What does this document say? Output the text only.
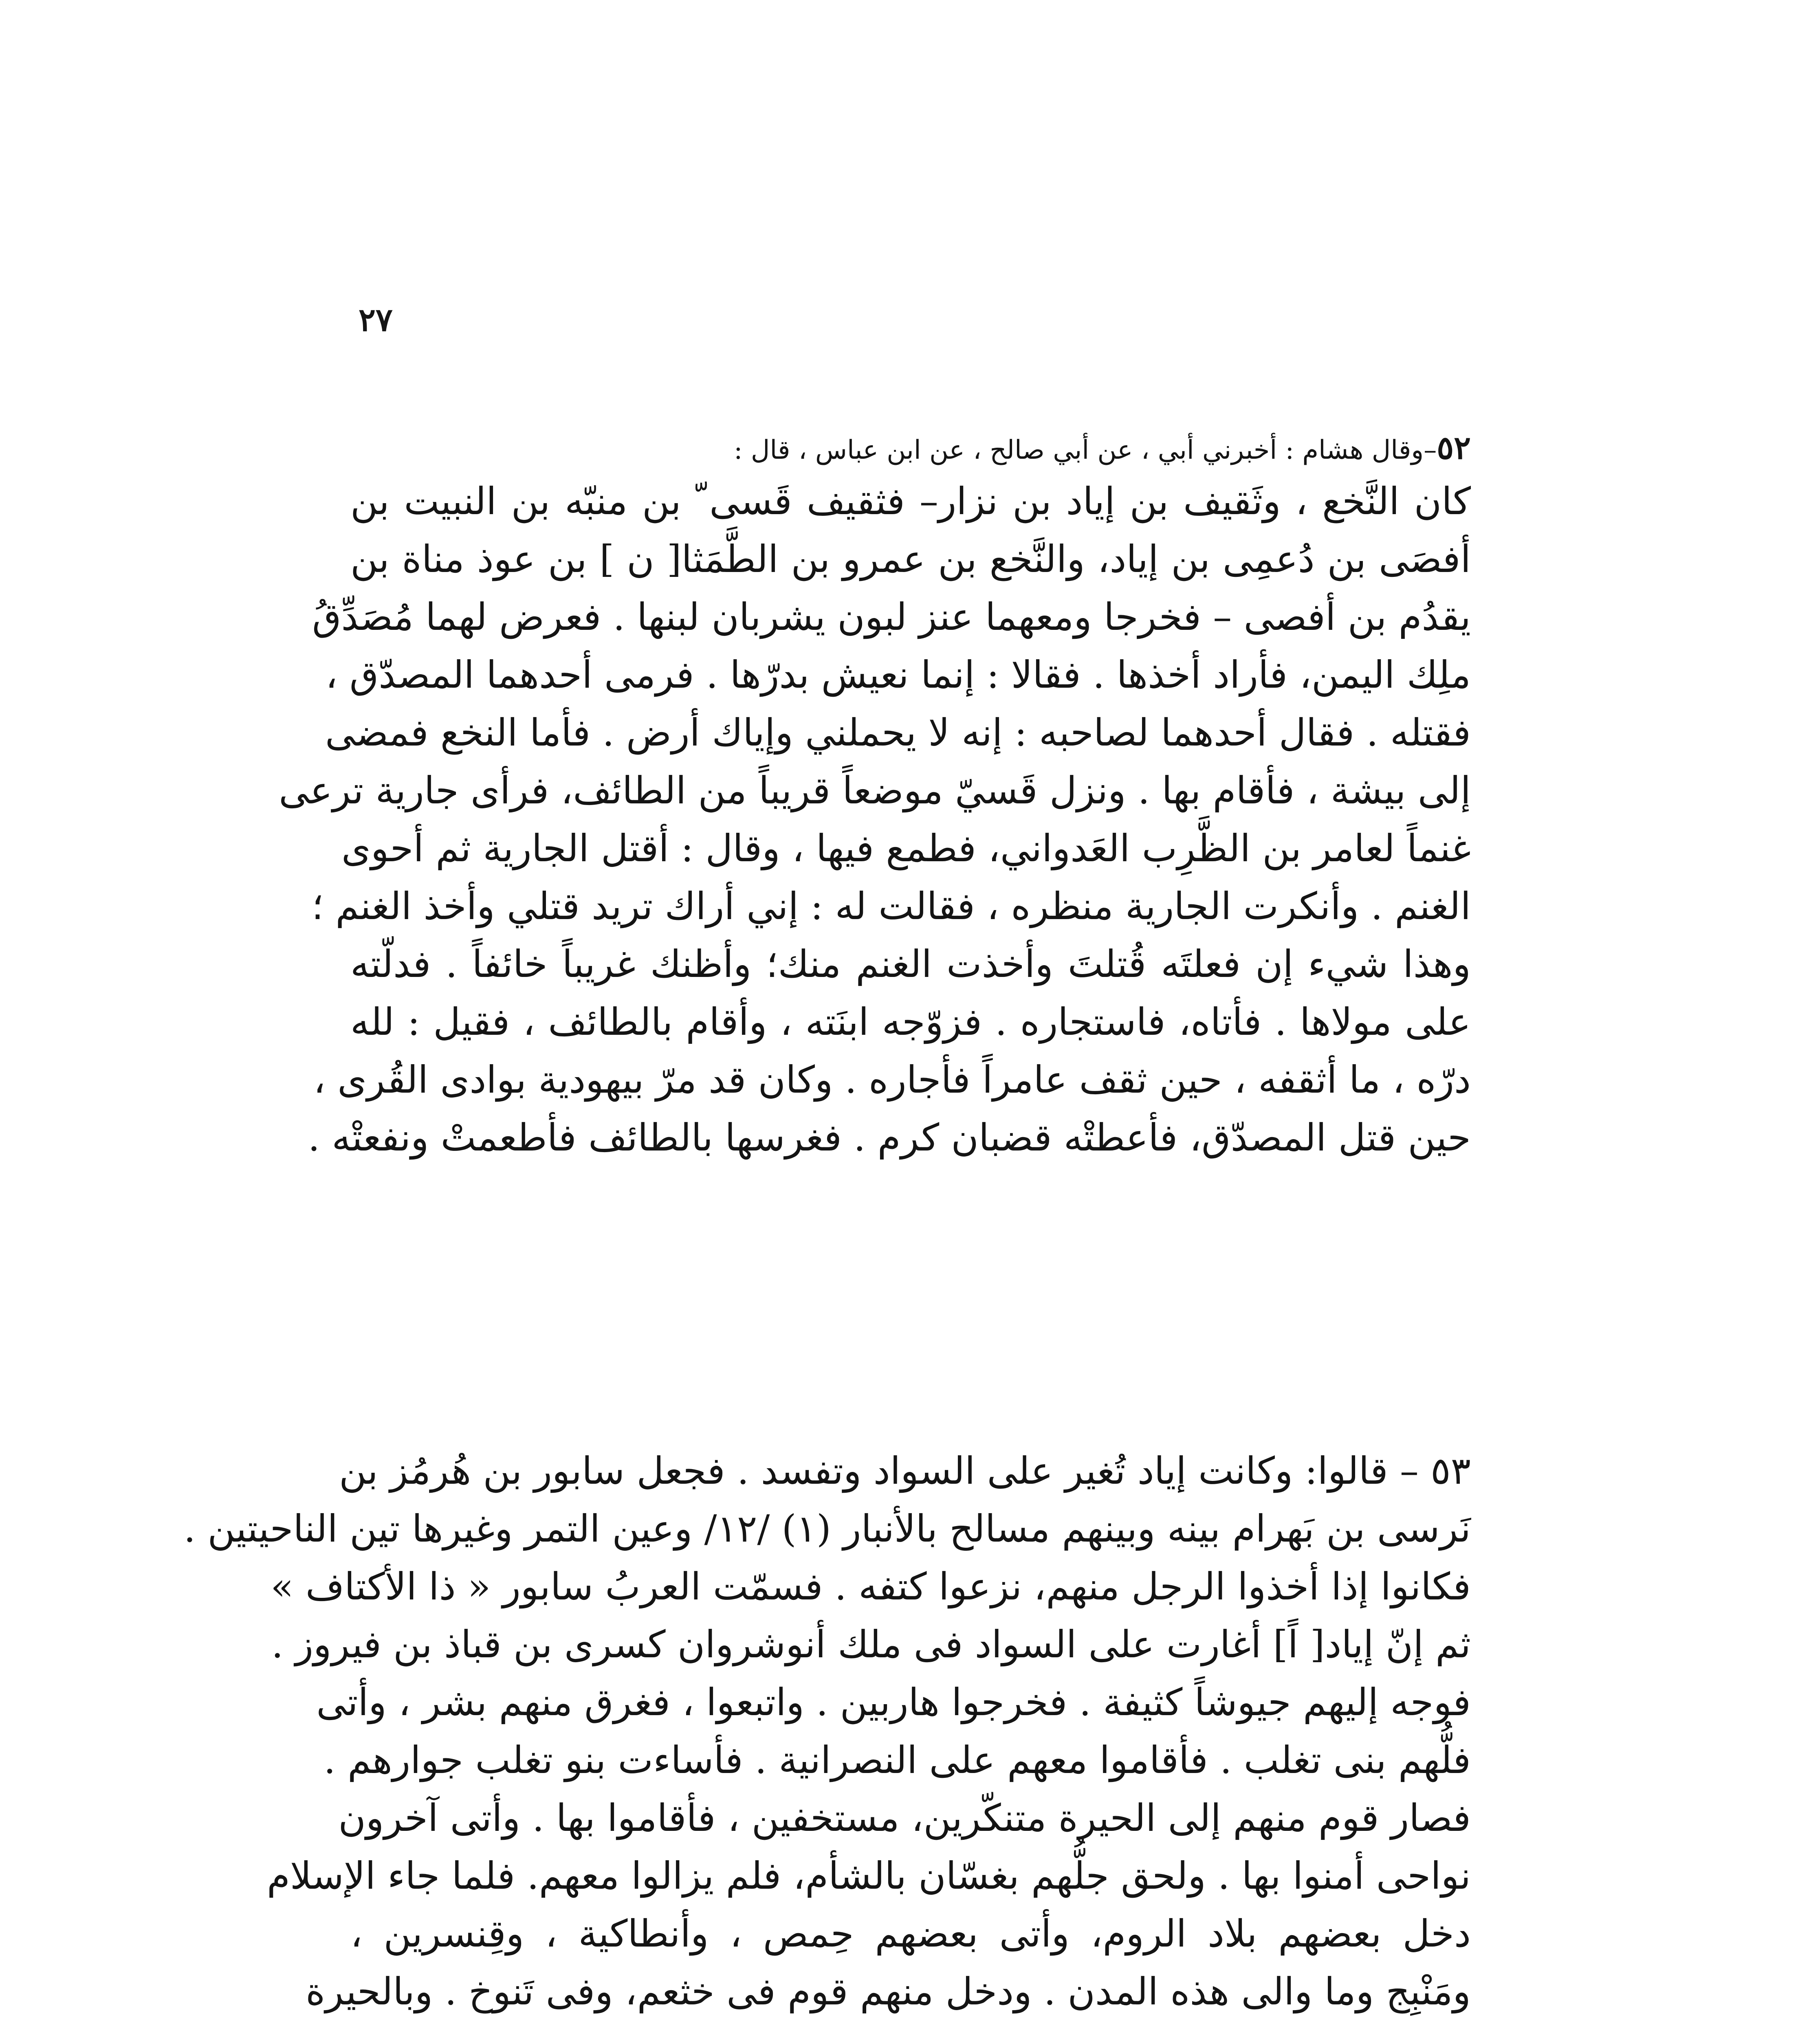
٢٧
٥٢–وقال هشام : أخبرني أبي ، عن أبي صالح ، عن ابن عباس ، قال :
كان النَّخع ، وثَقيف بن إياد بن نزار– فثقيف قَسى ّ بن منبّه بن النبيت بن
أفصَى بن دُعمِى بن إياد، والنَّخع بن عمرو بن الطَّمَثا[ ن ] بن عوذ مناة بن
يقدُم بن أفصى – فخرجا ومعهما عنز لبون يشربان لبنها . فعرض لهما مُصَدِّقُ
ملِك اليمن، فأراد أخذها . فقالا : إنما نعيش بدرّها . فرمى أحدهما المصدّق ،
فقتله . فقال أحدهما لصاحبه : إنه لا يحملني وإياك أرض . فأما النخع فمضى
إلى بيشة ، فأقام بها . ونزل قَسيّ موضعاً قريباً من الطائف، فرأى جارية ترعى
غنماً لعامر بن الظَّرِب العَدواني، فطمع فيها ، وقال : أقتل الجارية ثم أحوى
الغنم . وأنكرت الجارية منظره ، فقالت له : إني أراك تريد قتلي وأخذ الغنم ؛
وهذا شيء إن فعلتَه قُتلتَ وأخذت الغنم منك؛ وأظنك غريباً خائفاً . فدلّته
على مولاها . فأتاه، فاستجاره . فزوّجه ابنَته ، وأقام بالطائف ، فقيل : لله
درّه ، ما أثقفه ، حين ثقف عامراً فأجاره . وكان قد مرّ بيهودية بوادى القُرى ،
حين قتل المصدّق، فأعطتْه قضبان كرم . فغرسها بالطائف فأطعمتْ ونفعتْه .
٥٣ – قالوا: وكانت إياد تُغير على السواد وتفسد . فجعل سابور بن هُرمُز بن
نَرسى بن بَهرام بينه وبينهم مسالح بالأنبار (١) /١٢/ وعين التمر وغيرها تين الناحيتين .
فكانوا إذا أخذوا الرجل منهم، نزعوا كتفه . فسمّت العربُ سابور « ذا الأكتاف »
ثم إنّ إياد[ اً] أغارت على السواد فى ملك أنوشروان كسرى بن قباذ بن فيروز .
فوجه إليهم جيوشاً كثيفة . فخرجوا هاربين . واتبعوا ، فغرق منهم بشر ، وأتى
فلُّهم بنى تغلب . فأقاموا معهم على النصرانية . فأساءت بنو تغلب جوارهم .
فصار قوم منهم إلى الحيرة متنكّرين، مستخفين ، فأقاموا بها . وأتى آخرون
نواحى أمنوا بها . ولحق جلُّهم بغسّان بالشأم، فلم يزالوا معهم. فلما جاء الإسلام
دخل بعضهم بلاد الروم، وأتى بعضهم حِمص ، وأنطاكية ، وقِنسرين ،
ومَنْبِج وما والى هذه المدن . ودخل منهم قوم فى خثعم، وفى تَنوخ . وبالحيرة
